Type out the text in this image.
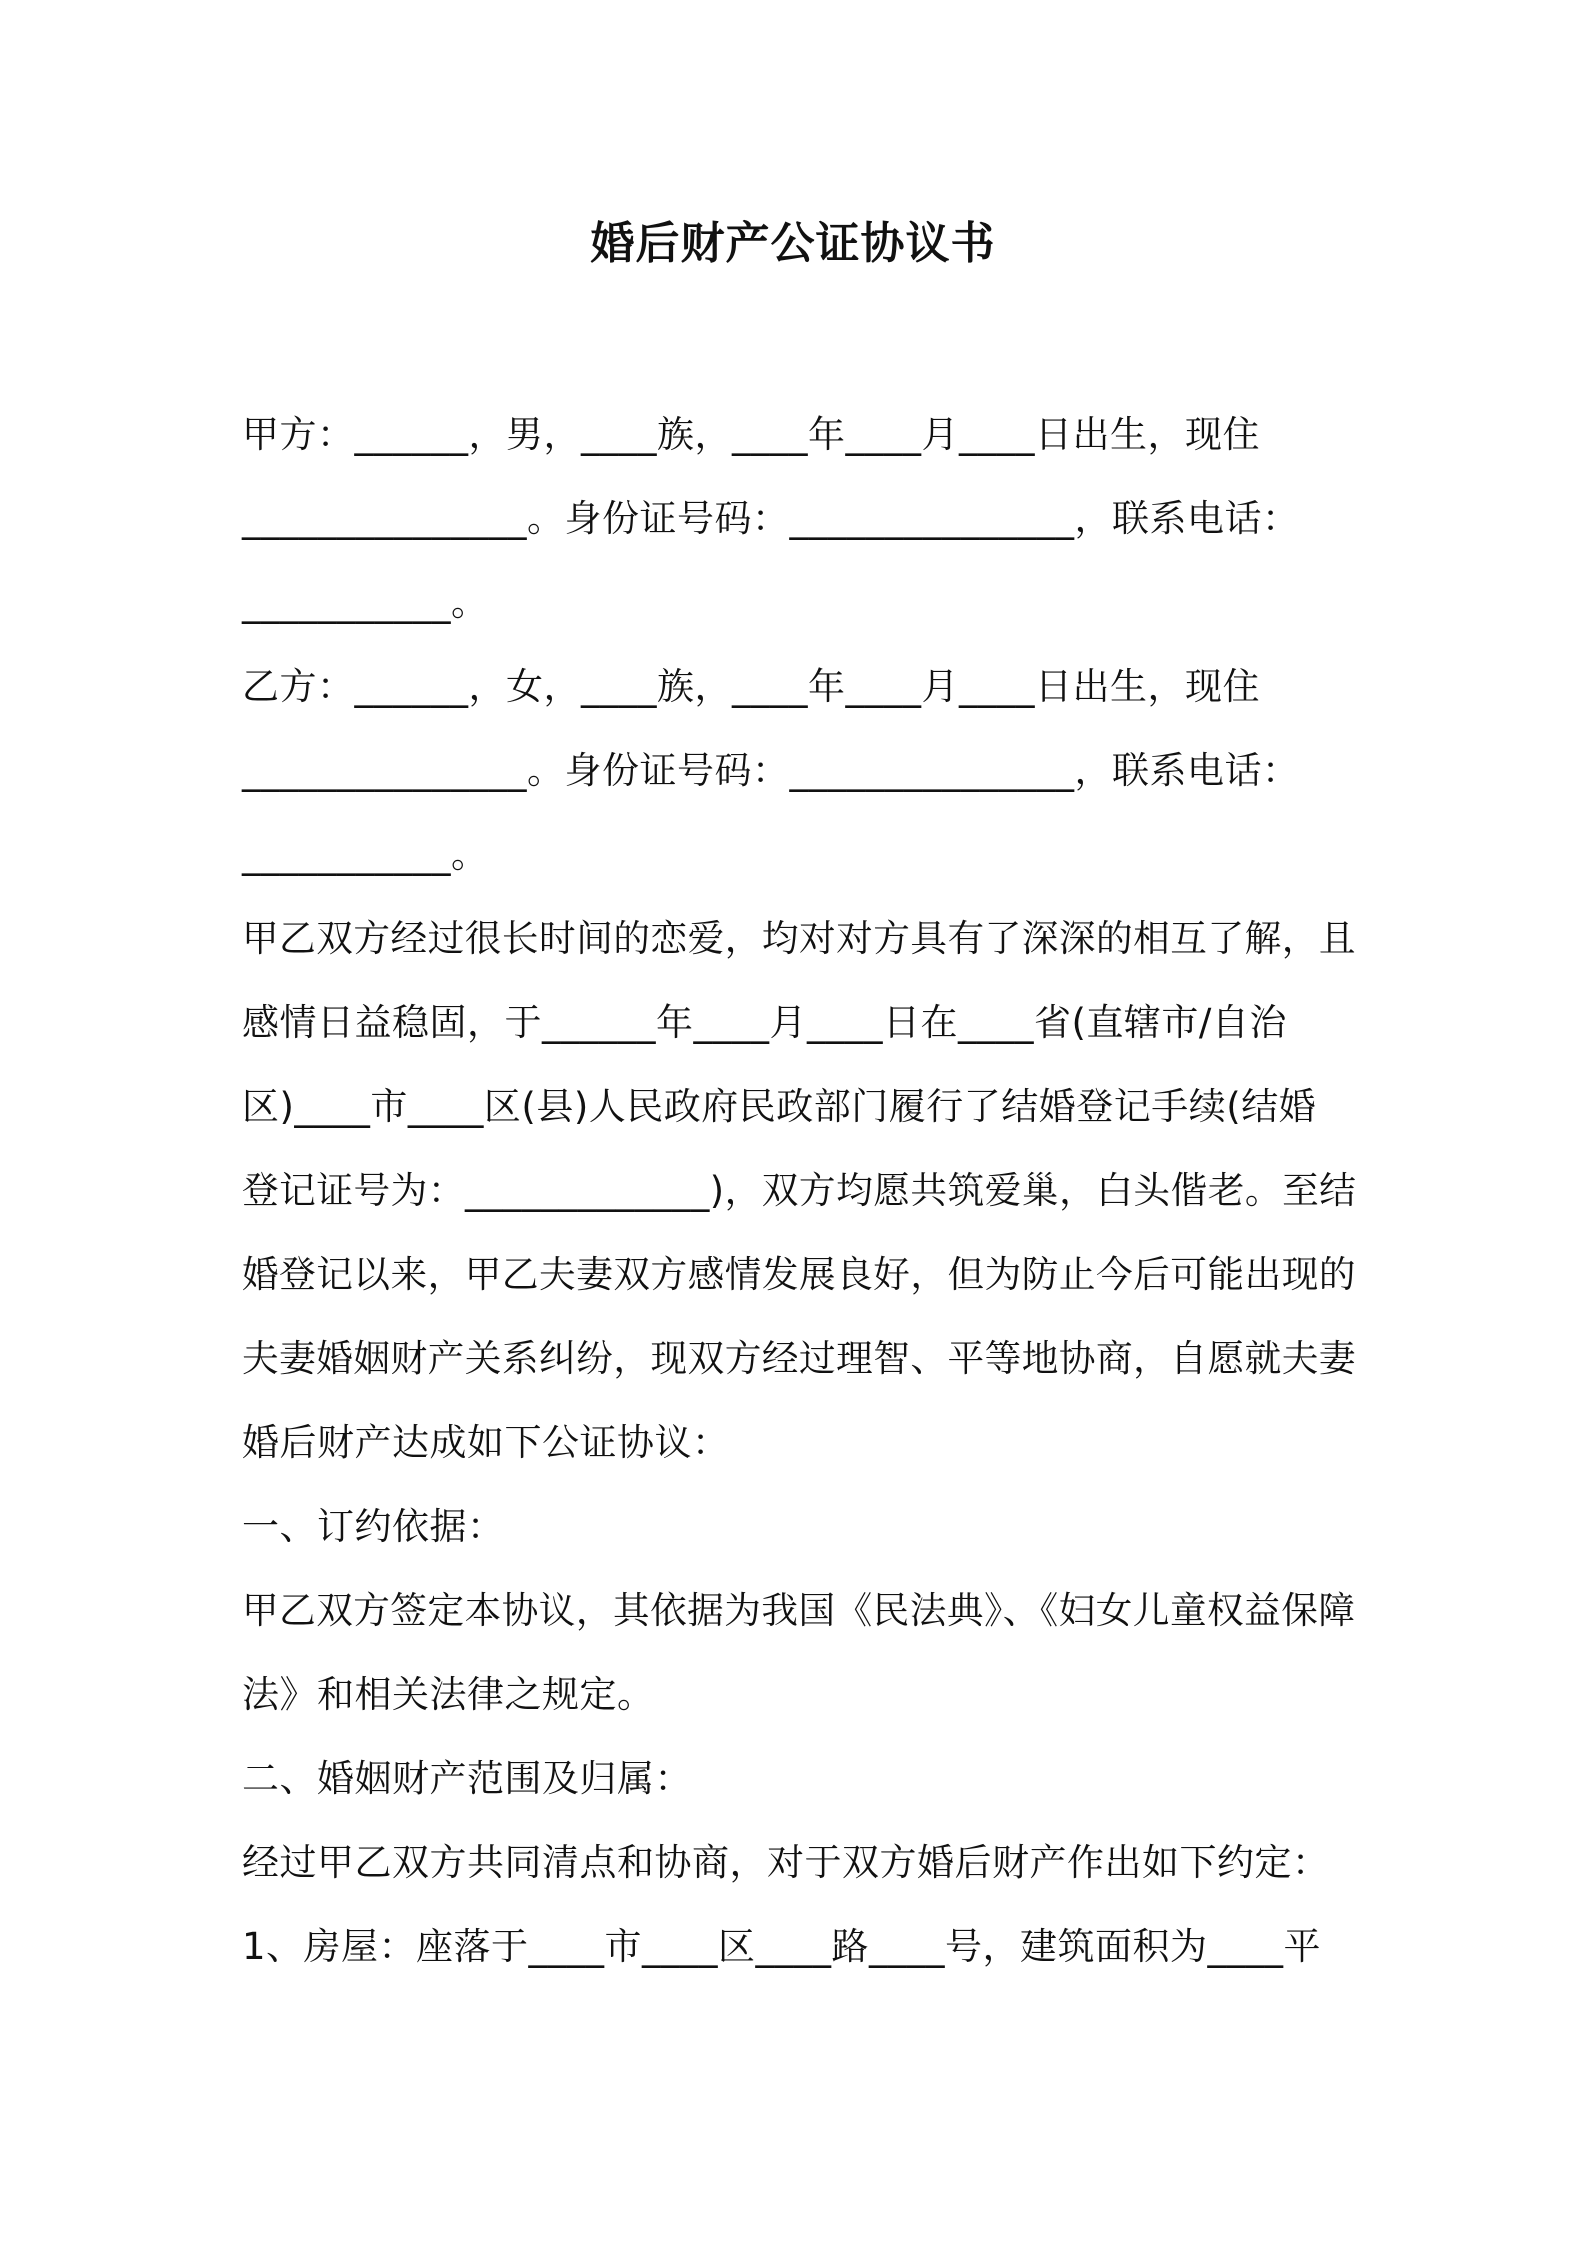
婚后财产公证协议书
甲方：______，男，____族，____年____月____日出生，现住
_______________。身份证号码：_______________，联系电话：
___________。
乙方：______，女，____族，____年____月____日出生，现住
_______________。身份证号码：_______________，联系电话：
___________。
甲乙双方经过很长时间的恋爱，均对对方具有了深深的相互了解，且
感情日益稳固，于______年____月____日在____省(直辖市/自治
区)____市____区(县)人民政府民政部门履行了结婚登记手续(结婚
登记证号为：_____________)，双方均愿共筑爱巢，白头偕老。至结
婚登记以来，甲乙夫妻双方感情发展良好，但为防止今后可能出现的
夫妻婚姻财产关系纠纷，现双方经过理智、平等地协商，自愿就夫妻
婚后财产达成如下公证协议：
一、订约依据：
甲乙双方签定本协议，其依据为我国《民法典》、《妇女儿童权益保障
法》和相关法律之规定。
二、婚姻财产范围及归属：
经过甲乙双方共同清点和协商，对于双方婚后财产作出如下约定：
1、房屋：座落于____市____区____路____号，建筑面积为____平
